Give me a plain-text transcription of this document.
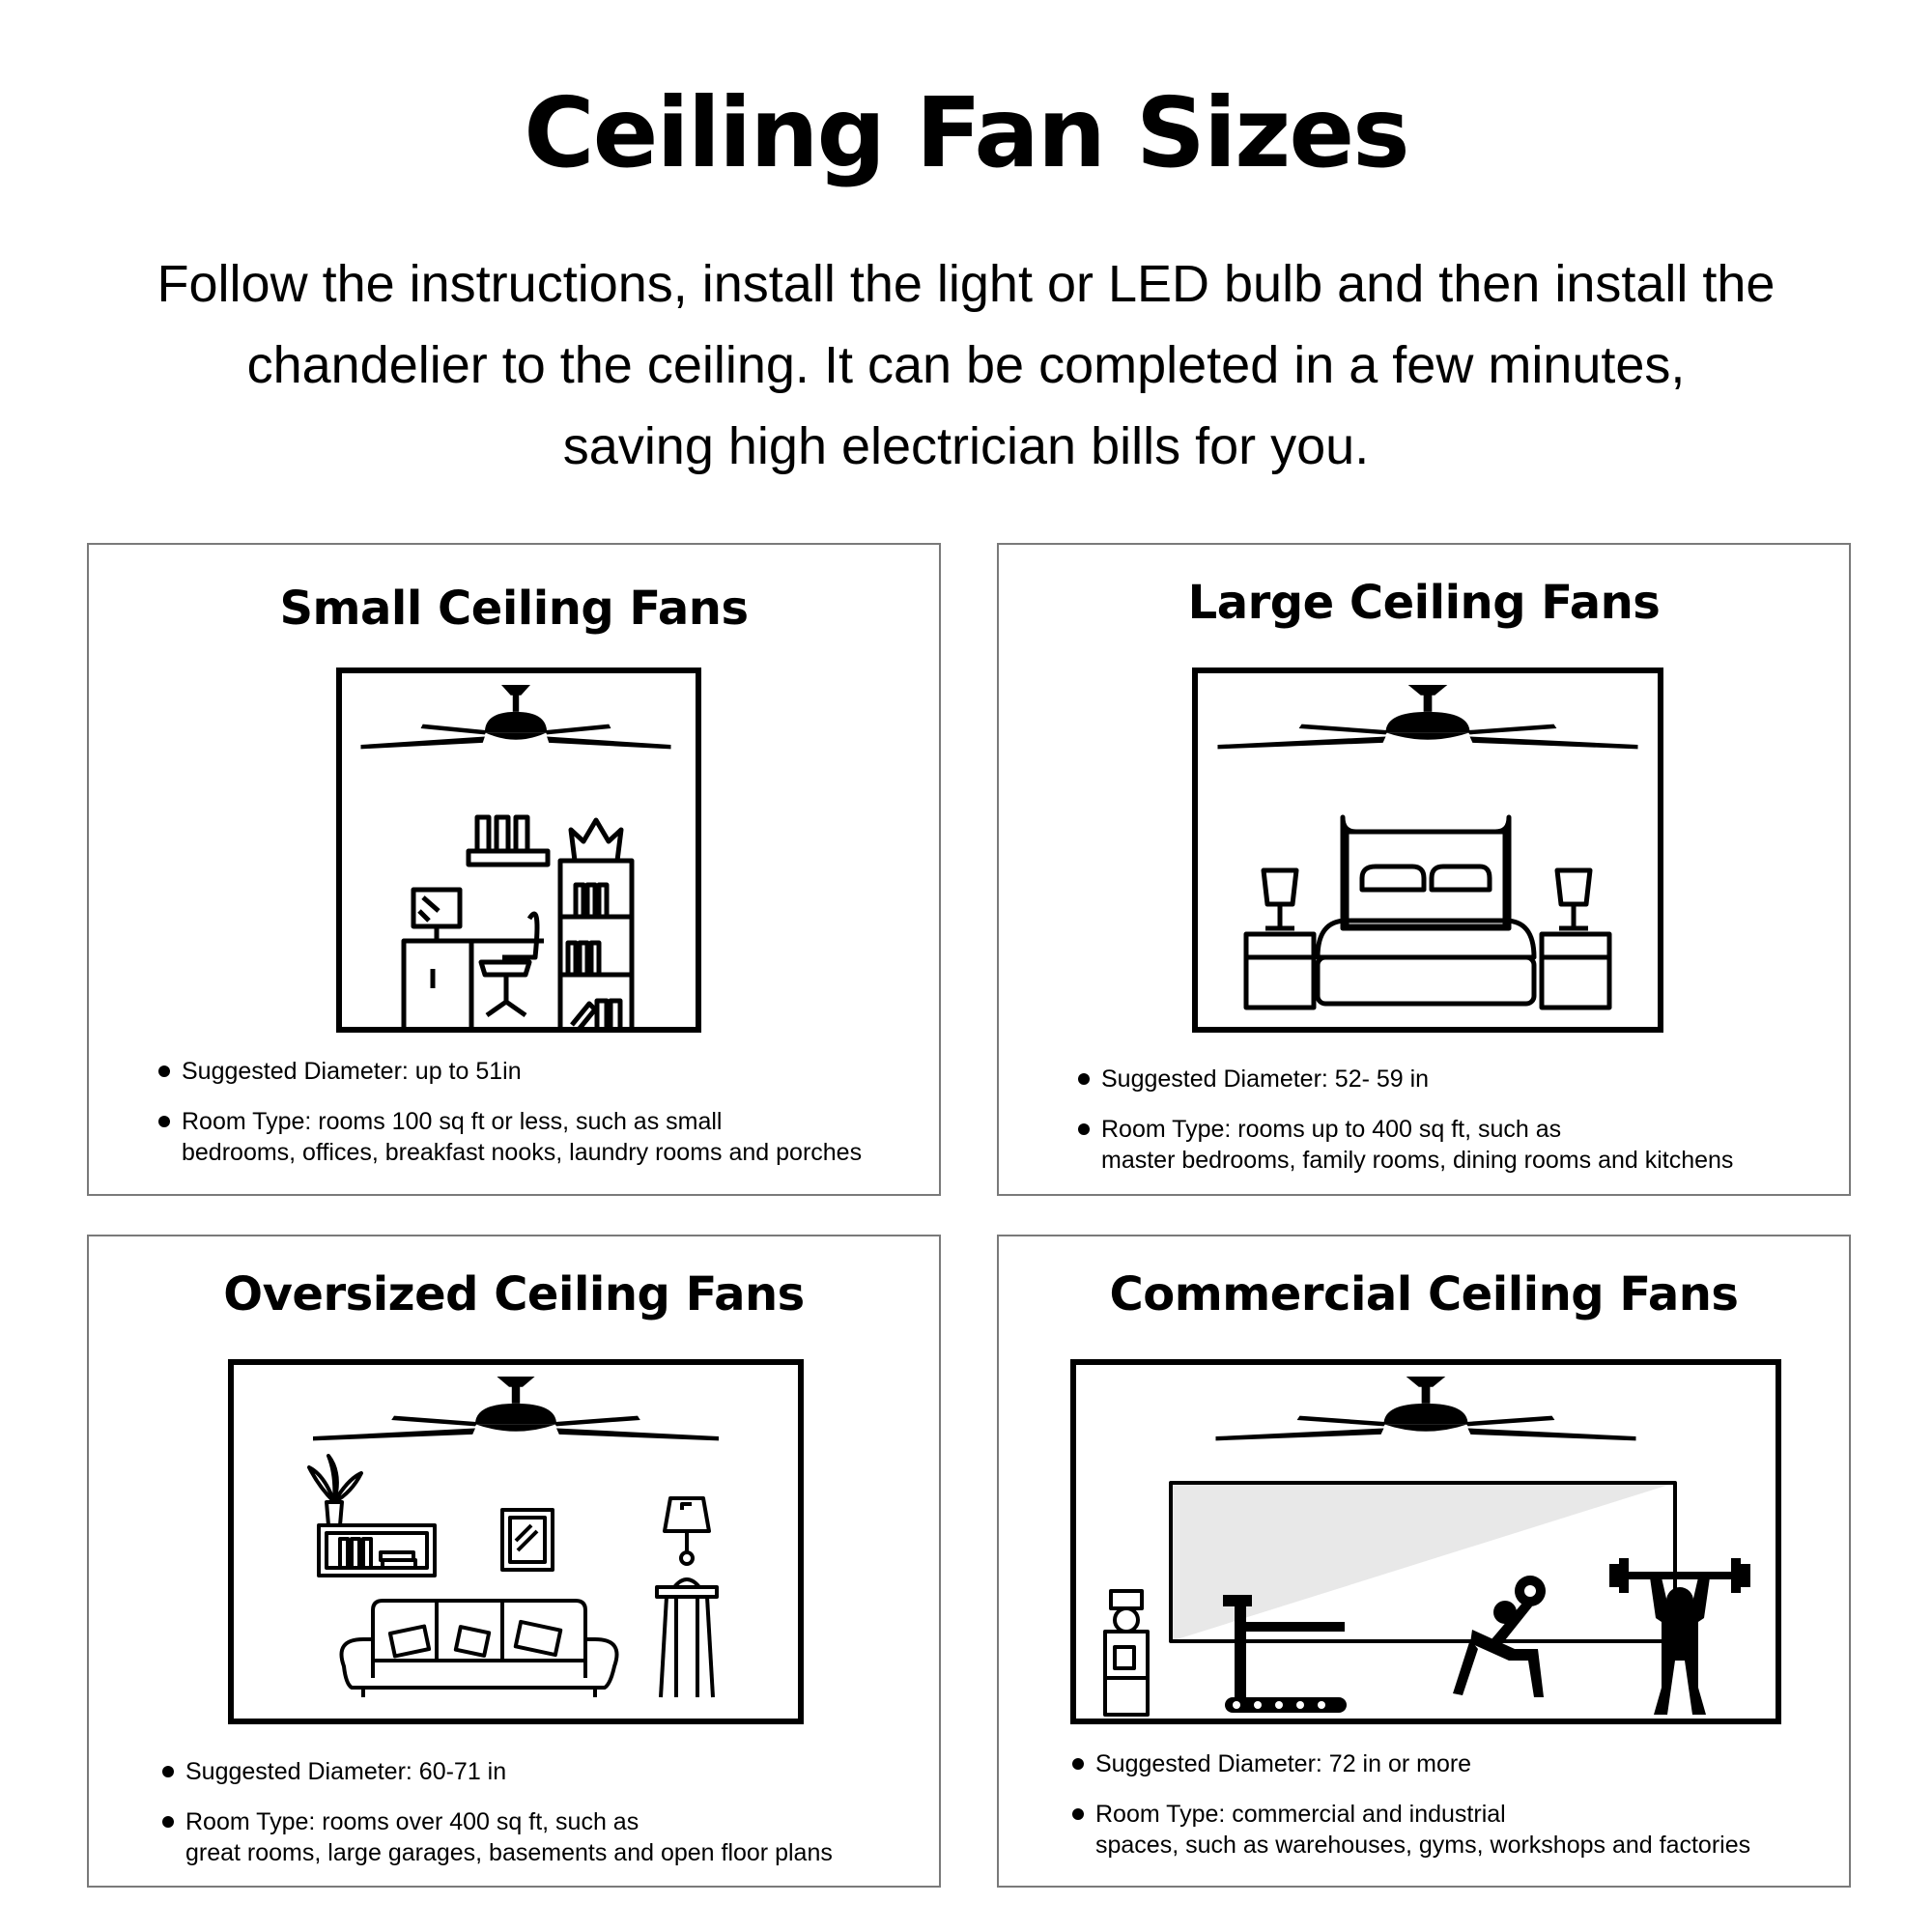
Ceiling Fan Sizes
Follow the instructions, install the light or LED bulb and then install the
chandelier to the ceiling. It can be completed in a few minutes,
saving high electrician bills for you.
Small Ceiling Fans
Suggested Diameter: up to 51in
Room Type: rooms 100 sq ft or less, such as small
bedrooms, offices, breakfast nooks, laundry rooms and porches
Large Ceiling Fans
Suggested Diameter: 52- 59 in
Room Type: rooms up to 400 sq ft, such as
master bedrooms, family rooms, dining rooms and kitchens
Oversized Ceiling Fans
Suggested Diameter: 60-71 in
Room Type: rooms over 400 sq ft, such as
great rooms, large garages, basements and open floor plans
Commercial Ceiling Fans
Suggested Diameter: 72 in or more
Room Type: commercial and industrial
spaces, such as warehouses, gyms, workshops and factories
